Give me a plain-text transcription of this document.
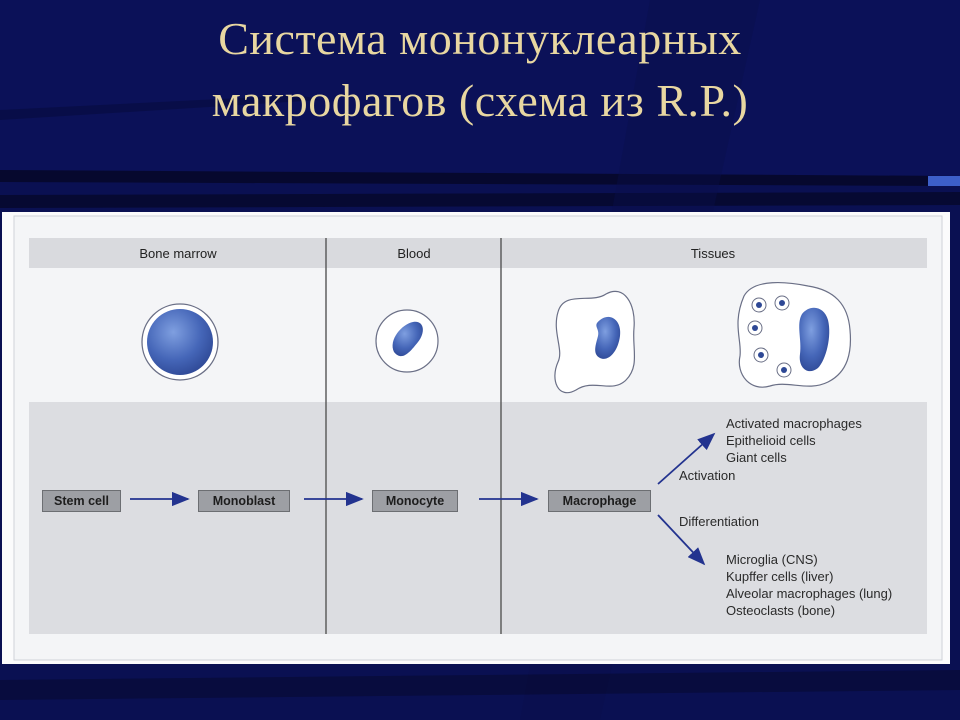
Система мононуклеарных
макрофагов (схема из R.P.)
Bone marrow	Blood	Tissues
Stem cell	Monoblast	Monocyte	Macrophage
Activation
Differentiation
Activated macrophages
Epithelioid cells
Giant cells
Microglia (CNS)
Kupffer cells (liver)
Alveolar macrophages (lung)
Osteoclasts (bone)
